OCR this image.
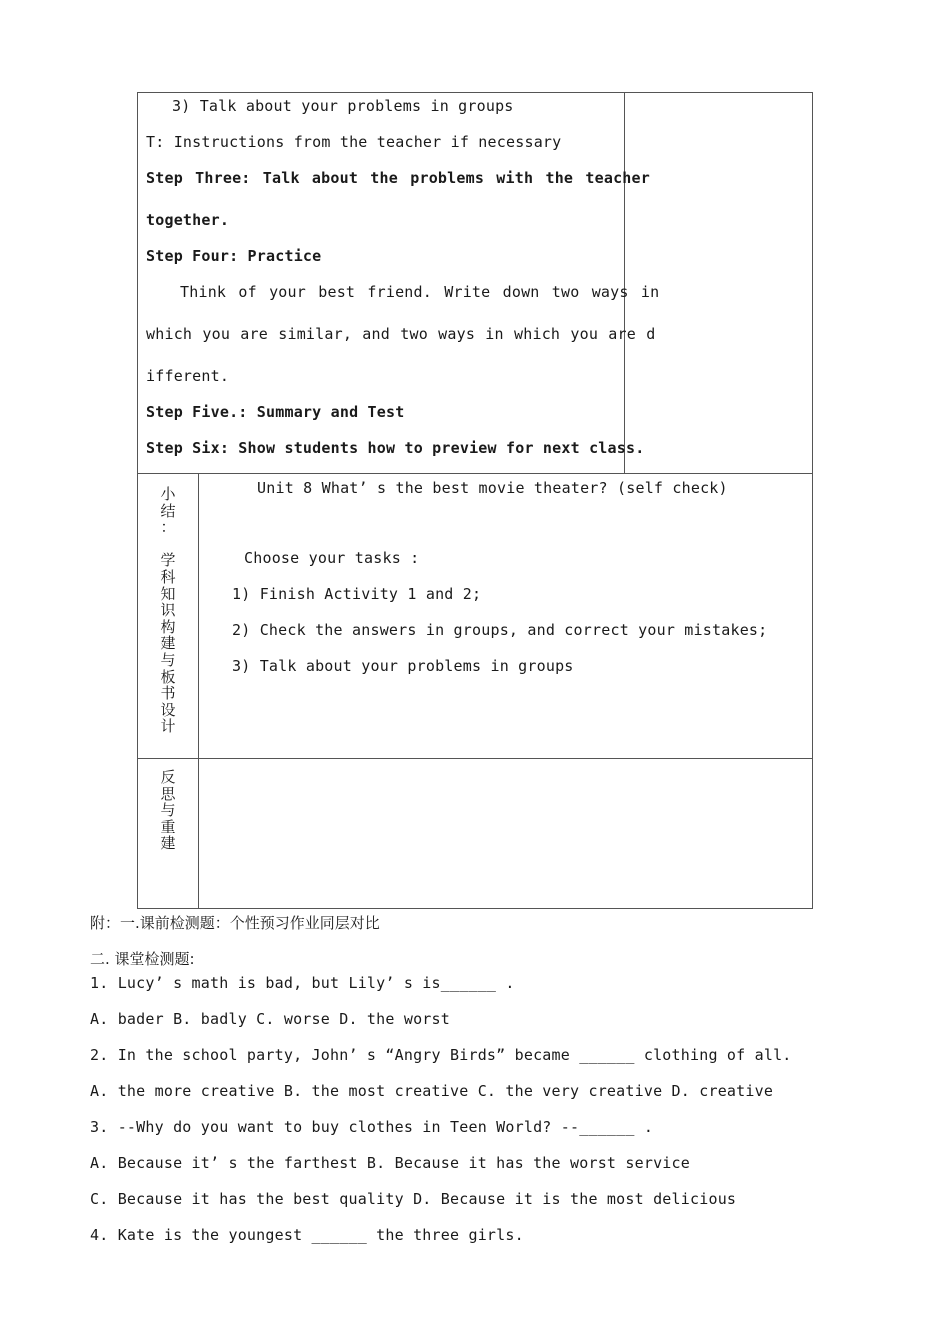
3) Talk about your problems in groups
T: Instructions from the teacher if necessary
Step Three: Talk about the problems with the teacher
together.
Step Four: Practice
Think of your best friend. Write down two ways in
which you are similar, and two ways in which you are d
ifferent.
Step Five.: Summary and Test
Step Six: Show students how to preview for next class.
小
结
：

学
科
知
识
构
建
与
板
书
设
计
Unit 8 What’ s the best movie theater? (self check)
Choose your tasks :
1) Finish Activity 1 and 2;
2) Check the answers in groups, and correct your mistakes;
3) Talk about your problems in groups
反
思
与
重
建
附：一.课前检测题：个性预习作业同层对比
二. 课堂检测题:
1. Lucy’ s math is bad, but Lily’ s is______ .
A. bader B. badly C. worse D. the worst
2. In the school party, John’ s “Angry Birds” became ______ clothing of all.
A. the more creative B. the most creative C. the very creative D. creative
3. --Why do you want to buy clothes in Teen World? --______ .
A. Because it’ s the farthest B. Because it has the worst service
C. Because it has the best quality D. Because it is the most delicious
4. Kate is the youngest ______ the three girls.
